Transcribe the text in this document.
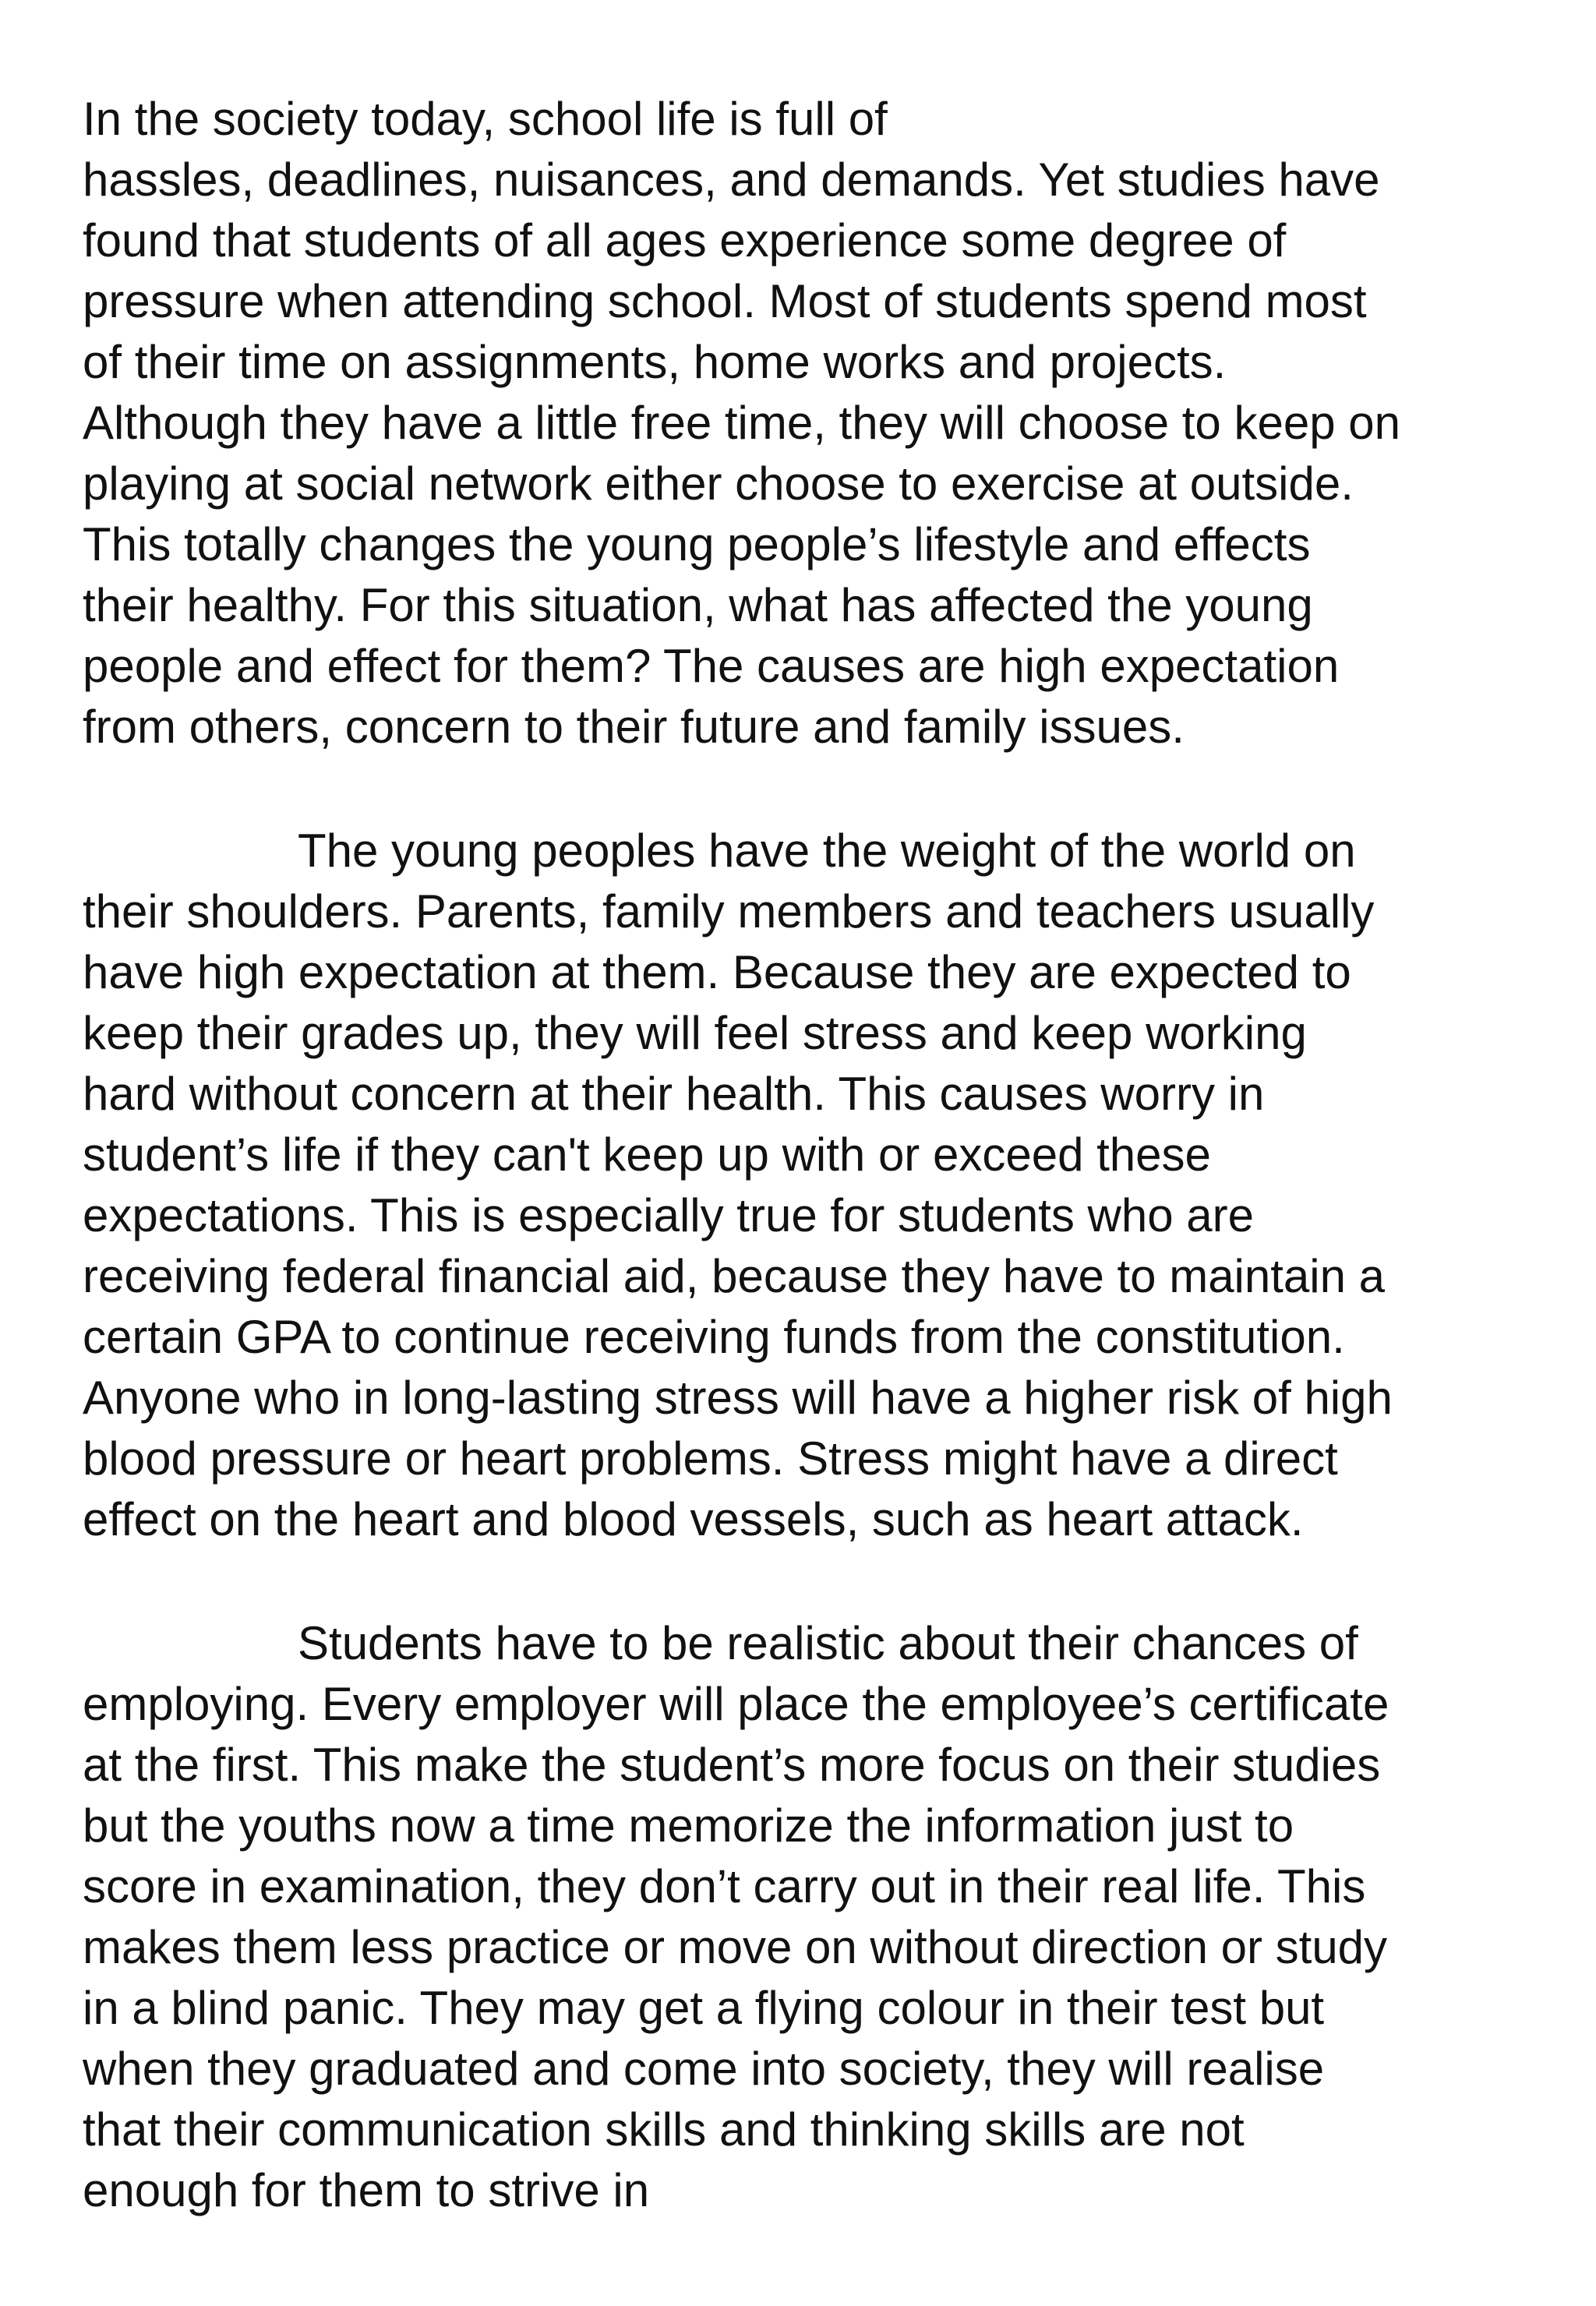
In the society today, school life is full of
hassles, deadlines, nuisances, and demands. Yet studies have
found that students of all ages experience some degree of
pressure when attending school. Most of students spend most
of their time on assignments, home works and projects.
Although they have a little free time, they will choose to keep on
playing at social network either choose to exercise at outside.
This totally changes the young people’s lifestyle and effects
their healthy. For this situation, what has affected the young
people and effect for them? The causes are high expectation
from others, concern to their future and family issues.
The young peoples have the weight of the world on
their shoulders. Parents, family members and teachers usually
have high expectation at them. Because they are expected to
keep their grades up, they will feel stress and keep working
hard without concern at their health. This causes worry in
student’s life if they can't keep up with or exceed these
expectations. This is especially true for students who are
receiving federal financial aid, because they have to maintain a
certain GPA to continue receiving funds from the constitution.
Anyone who in long-lasting stress will have a higher risk of high
blood pressure or heart problems. Stress might have a direct
effect on the heart and blood vessels, such as heart attack.
Students have to be realistic about their chances of
employing. Every employer will place the employee’s certificate
at the first. This make the student’s more focus on their studies
but the youths now a time memorize the information just to
score in examination, they don’t carry out in their real life. This
makes them less practice or move on without direction or study
in a blind panic. They may get a flying colour in their test but
when they graduated and come into society, they will realise
that their communication skills and thinking skills are not
enough for them to strive in
